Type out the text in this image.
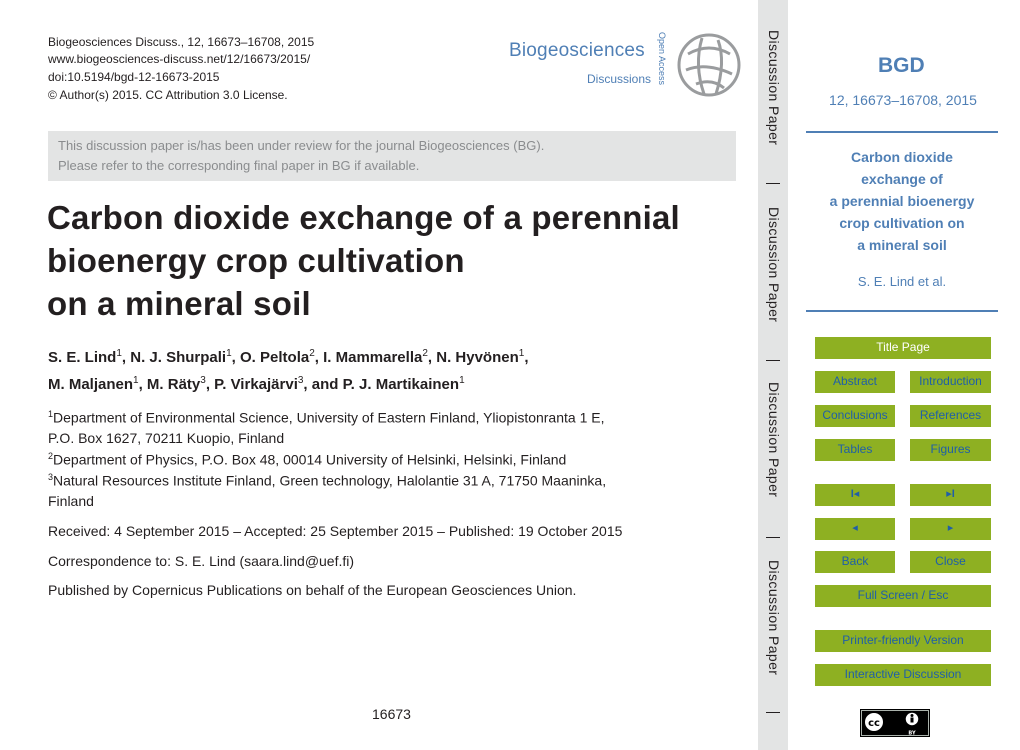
Biogeosciences Discuss., 12, 16673–16708, 2015
www.biogeosciences-discuss.net/12/16673/2015/
doi:10.5194/bgd-12-16673-2015
© Author(s) 2015. CC Attribution 3.0 License.
Biogeosciences
Discussions Open Access
This discussion paper is/has been under review for the journal Biogeosciences (BG).
Please refer to the corresponding final paper in BG if available.
Carbon dioxide exchange of a perennial
bioenergy crop cultivation
on a mineral soil
S. E. Lind$^1$, N. J. Shurpali$^1$, O. Peltola$^2$, I. Mammarella$^2$, N. Hyvönen$^1$,
M. Maljanen$^1$, M. Räty$^3$, P. Virkajärvi$^3$, and P. J. Martikainen$^1$
$^1$Department of Environmental Science, University of Eastern Finland, Yliopistonranta 1 E,
P.O. Box 1627, 70211 Kuopio, Finland
$^2$Department of Physics, P.O. Box 48, 00014 University of Helsinki, Helsinki, Finland
$^3$Natural Resources Institute Finland, Green technology, Halolantie 31 A, 71750 Maaninka,
Finland
Received: 4 September 2015 – Accepted: 25 September 2015 – Published: 19 October 2015
Correspondence to: S. E. Lind (saara.lind@uef.fi)
Published by Copernicus Publications on behalf of the European Geosciences Union.
16673
Discussion Paper
Discussion Paper
Discussion Paper
Discussion Paper
BGD
12, 16673–16708, 2015
Carbon dioxide
exchange of
a perennial bioenergy
crop cultivation on
a mineral soil
S. E. Lind et al.
Title Page
Abstract	Introduction
Conclusions	References
Tables	Figures
I◂	▸I
◂	▸
Back	Close
Full Screen / Esc
Printer-friendly Version
Interactive Discussion
cc
BY
